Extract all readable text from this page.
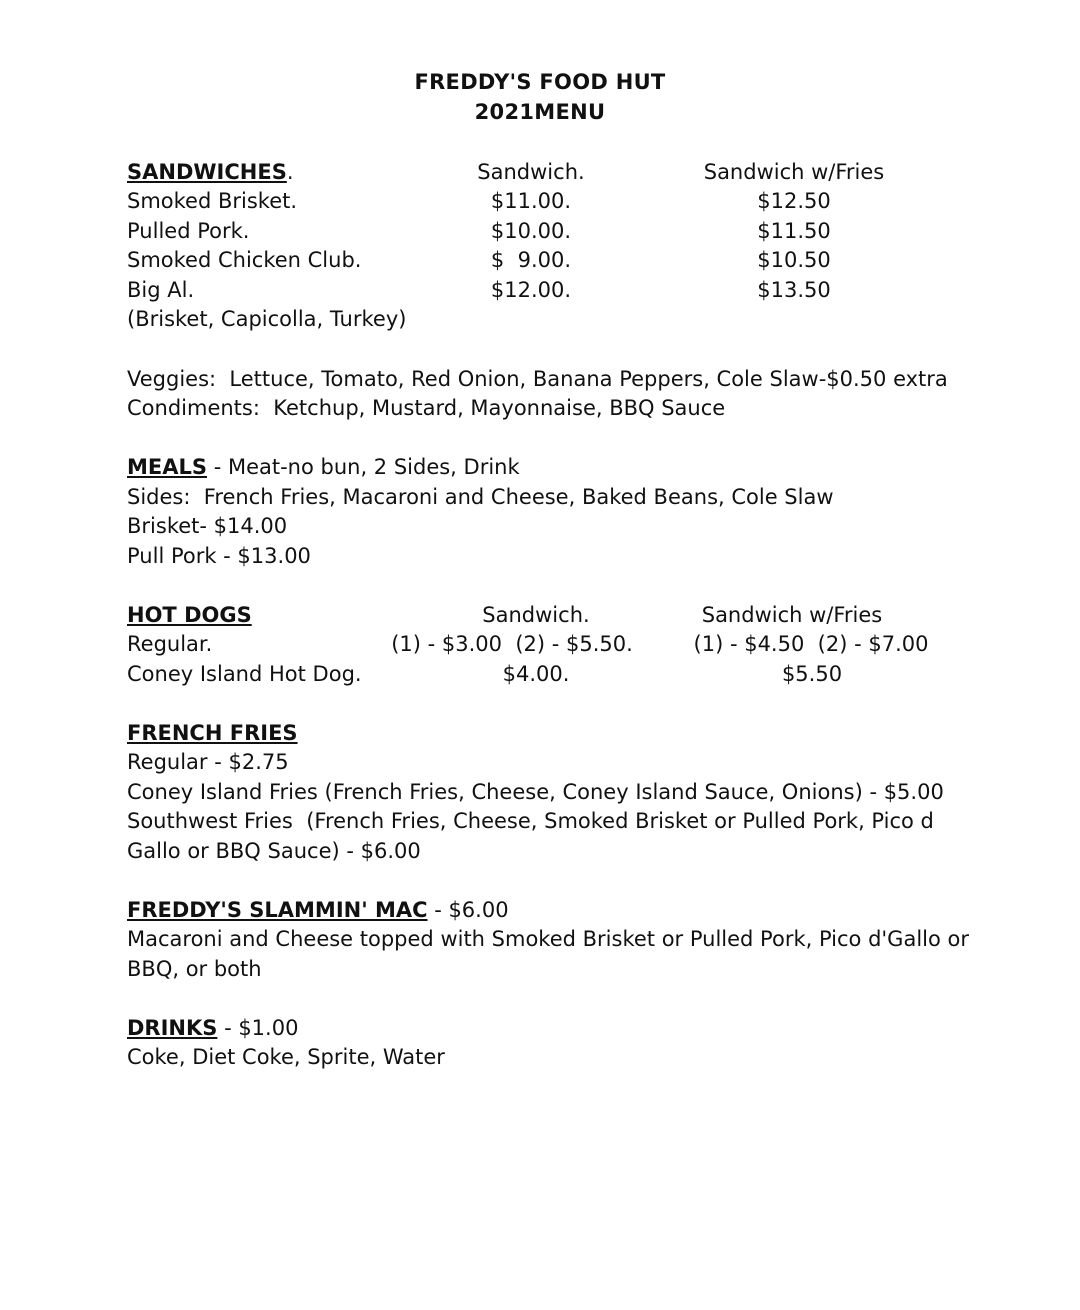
FREDDY'S FOOD HUT
2021MENU
SANDWICHES.	Sandwich.	Sandwich w/Fries
Smoked Brisket.	$11.00.	$12.50
Pulled Pork.	$10.00.	$11.50
Smoked Chicken Club.	$  9.00.	$10.50
Big Al.	$12.00.	$13.50
(Brisket, Capicolla, Turkey)
Veggies:  Lettuce, Tomato, Red Onion, Banana Peppers, Cole Slaw-$0.50 extra
Condiments:  Ketchup, Mustard, Mayonnaise, BBQ Sauce
MEALS - Meat-no bun, 2 Sides, Drink
Sides:  French Fries, Macaroni and Cheese, Baked Beans, Cole Slaw
Brisket- $14.00
Pull Pork - $13.00
HOT DOGS	Sandwich.	Sandwich w/Fries
Regular.	(1) - $3.00  (2) - $5.50.	(1) - $4.50  (2) - $7.00
Coney Island Hot Dog.	$4.00.	$5.50
FRENCH FRIES
Regular - $2.75
Coney Island Fries (French Fries, Cheese, Coney Island Sauce, Onions) - $5.00
Southwest Fries  (French Fries, Cheese, Smoked Brisket or Pulled Pork, Pico d
Gallo or BBQ Sauce) - $6.00
FREDDY'S SLAMMIN' MAC - $6.00
Macaroni and Cheese topped with Smoked Brisket or Pulled Pork, Pico d'Gallo or
BBQ, or both
DRINKS - $1.00
Coke, Diet Coke, Sprite, Water
